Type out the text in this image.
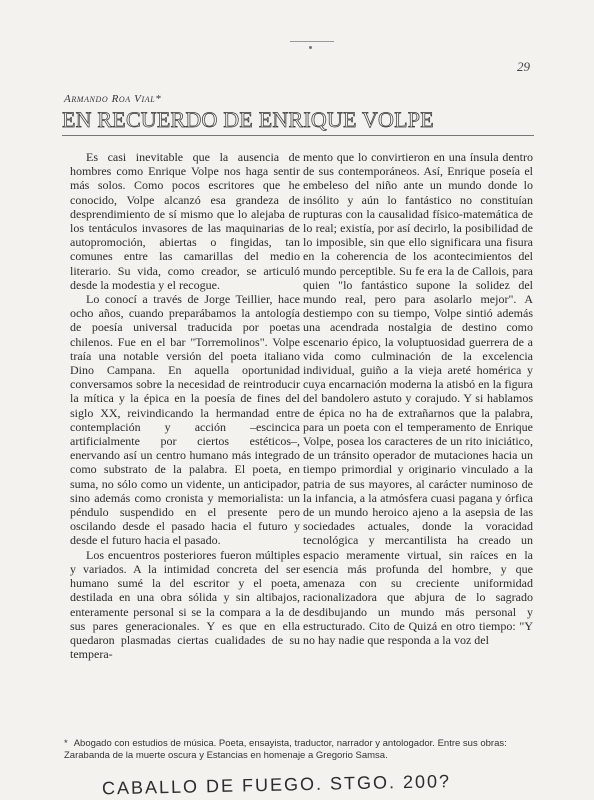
29
Armando Roa Vial*
EN RECUERDO DE ENRIQUE VOLPE

Es casi inevitable que la ausencia de hombres como Enrique Volpe nos haga sentir más solos. Como pocos escritores que he conocido, Volpe alcanzó esa grandeza de desprendimiento de sí mismo que lo alejaba de los tentáculos invasores de las maquinarias de autopromoción, abiertas o fingidas, tan comunes entre las camarillas del medio literario. Su vida, como creador, se articuló desde la modestia y el recogue.

Lo conocí a través de Jorge Teillier, hace ocho años, cuando preparábamos la antología de poesía universal traducida por poetas chilenos. Fue en el bar "Torremolinos". Volpe traía una notable versión del poeta italiano Dino Campana. En aquella oportunidad conversamos sobre la necesidad de reintroducir la mítica y la épica en la poesía de fines del siglo XX, reivindicando la hermandad entre contemplación y acción –escincica artificialmente por ciertos estéticos–, enervando así un centro humano más integrado como substrato de la palabra. El poeta, en suma, no sólo como un vidente, un anticipador, sino además como cronista y memorialista: un péndulo suspendido en el presente pero oscilando desde el pasado hacia el futuro y desde el futuro hacia el pasado.

Los encuentros posteriores fueron múltiples y variados. A la intimidad concreta del ser humano sumé la del escritor y el poeta, destilada en una obra sólida y sin altibajos, enteramente personal si se la compara a la de sus pares generacionales. Y es que en ella quedaron plasmadas ciertas cualidades de su tempera-

mento que lo convirtieron en una ínsula dentro de sus contemporáneos. Así, Enrique poseía el embeleso del niño ante un mundo donde lo insólito y aún lo fantástico no constituían rupturas con la causalidad físico-matemática de lo real; existía, por así decirlo, la posibilidad de lo imposible, sin que ello significara una fisura en la coherencia de los acontecimientos del mundo perceptible. Su fe era la de Callois, para quien "lo fantástico supone la solidez del mundo real, pero para asolarlo mejor". A destiempo con su tiempo, Volpe sintió además una acendrada nostalgia de destino como escenario épico, la voluptuosidad guerrera de a vida como culminación de la excelencia individual, guiño a la vieja areté homérica y cuya encarnación moderna la atisbó en la figura del bandolero astuto y corajudo. Y si hablamos de épica no ha de extrañarnos que la palabra, para un poeta con el temperamento de Enrique Volpe, posea los caracteres de un rito iniciático, de un tránsito operador de mutaciones hacia un tiempo primordial y originario vinculado a la patria de sus mayores, al carácter numinoso de la infancia, a la atmósfera cuasi pagana y órfica de un mundo heroico ajeno a la asepsia de las sociedades actuales, donde la voracidad tecnológica y mercantilista ha creado un espacio meramente virtual, sin raíces en la esencia más profunda del hombre, y que amenaza con su creciente uniformidad racionalizadora que abjura de lo sagrado desdibujando un mundo más personal y estructurado. Cito de Quizá en otro tiempo: "Y no hay nadie que responda a la voz del

* Abogado con estudios de música. Poeta, ensayista, traductor, narrador y antologador. Entre sus obras: Zarabanda de la muerte oscura y Estancias en homenaje a Gregorio Samsa.
CABALLO DE FUEGO. STGO. 200?
